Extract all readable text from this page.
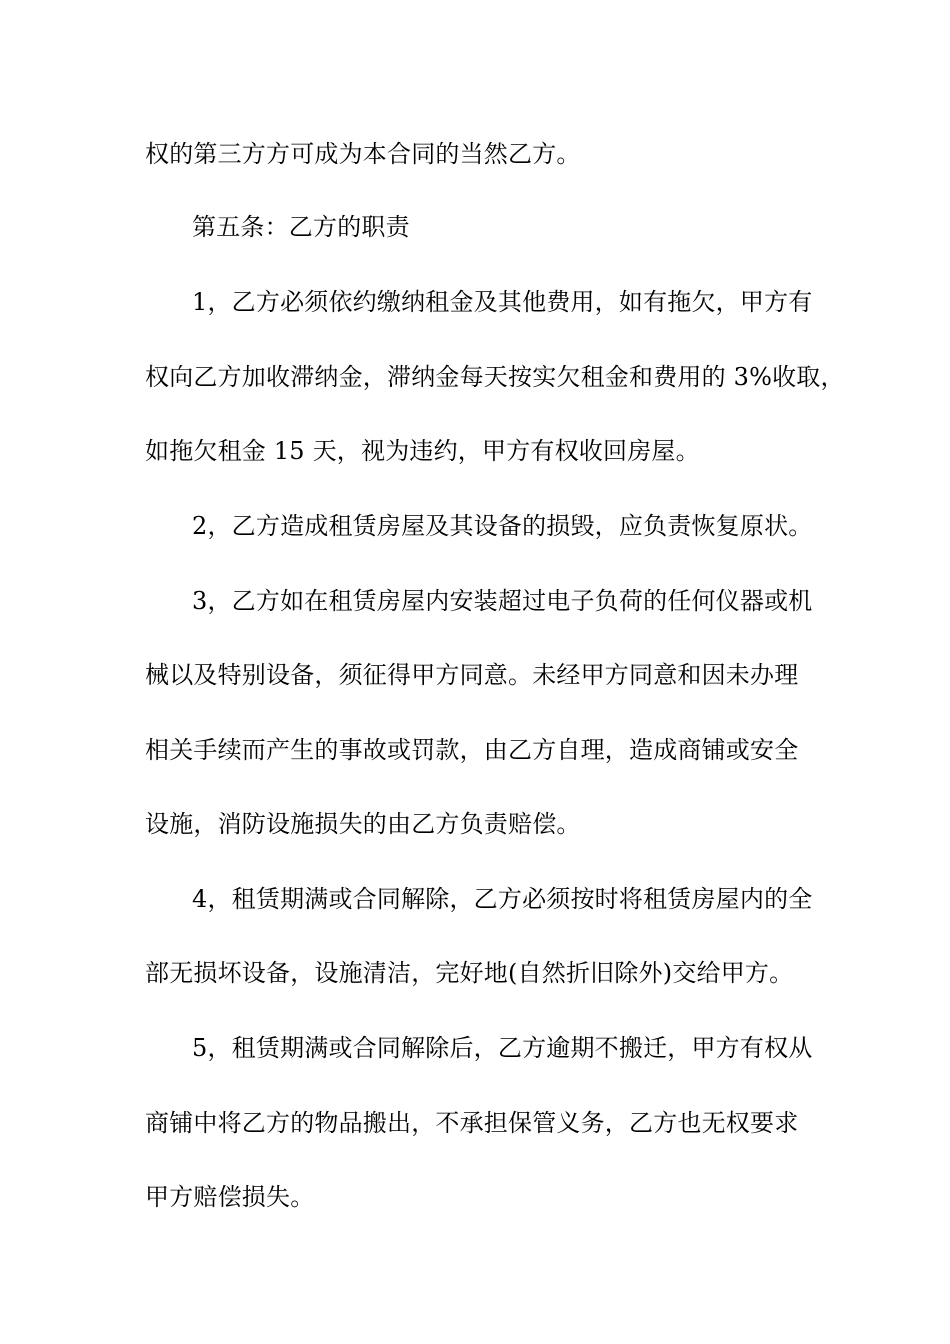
权的第三方方可成为本合同的当然乙方。
第五条：乙方的职责
1，乙方必须依约缴纳租金及其他费用，如有拖欠，甲方有
权向乙方加收滞纳金，滞纳金每天按实欠租金和费用的 3%收取，
如拖欠租金 15 天，视为违约，甲方有权收回房屋。
2，乙方造成租赁房屋及其设备的损毁，应负责恢复原状。
3，乙方如在租赁房屋内安装超过电子负荷的任何仪器或机
械以及特别设备，须征得甲方同意。未经甲方同意和因未办理
相关手续而产生的事故或罚款，由乙方自理，造成商铺或安全
设施，消防设施损失的由乙方负责赔偿。
4，租赁期满或合同解除，乙方必须按时将租赁房屋内的全
部无损坏设备，设施清洁，完好地(自然折旧除外)交给甲方。
5，租赁期满或合同解除后，乙方逾期不搬迁，甲方有权从
商铺中将乙方的物品搬出，不承担保管义务，乙方也无权要求
甲方赔偿损失。
